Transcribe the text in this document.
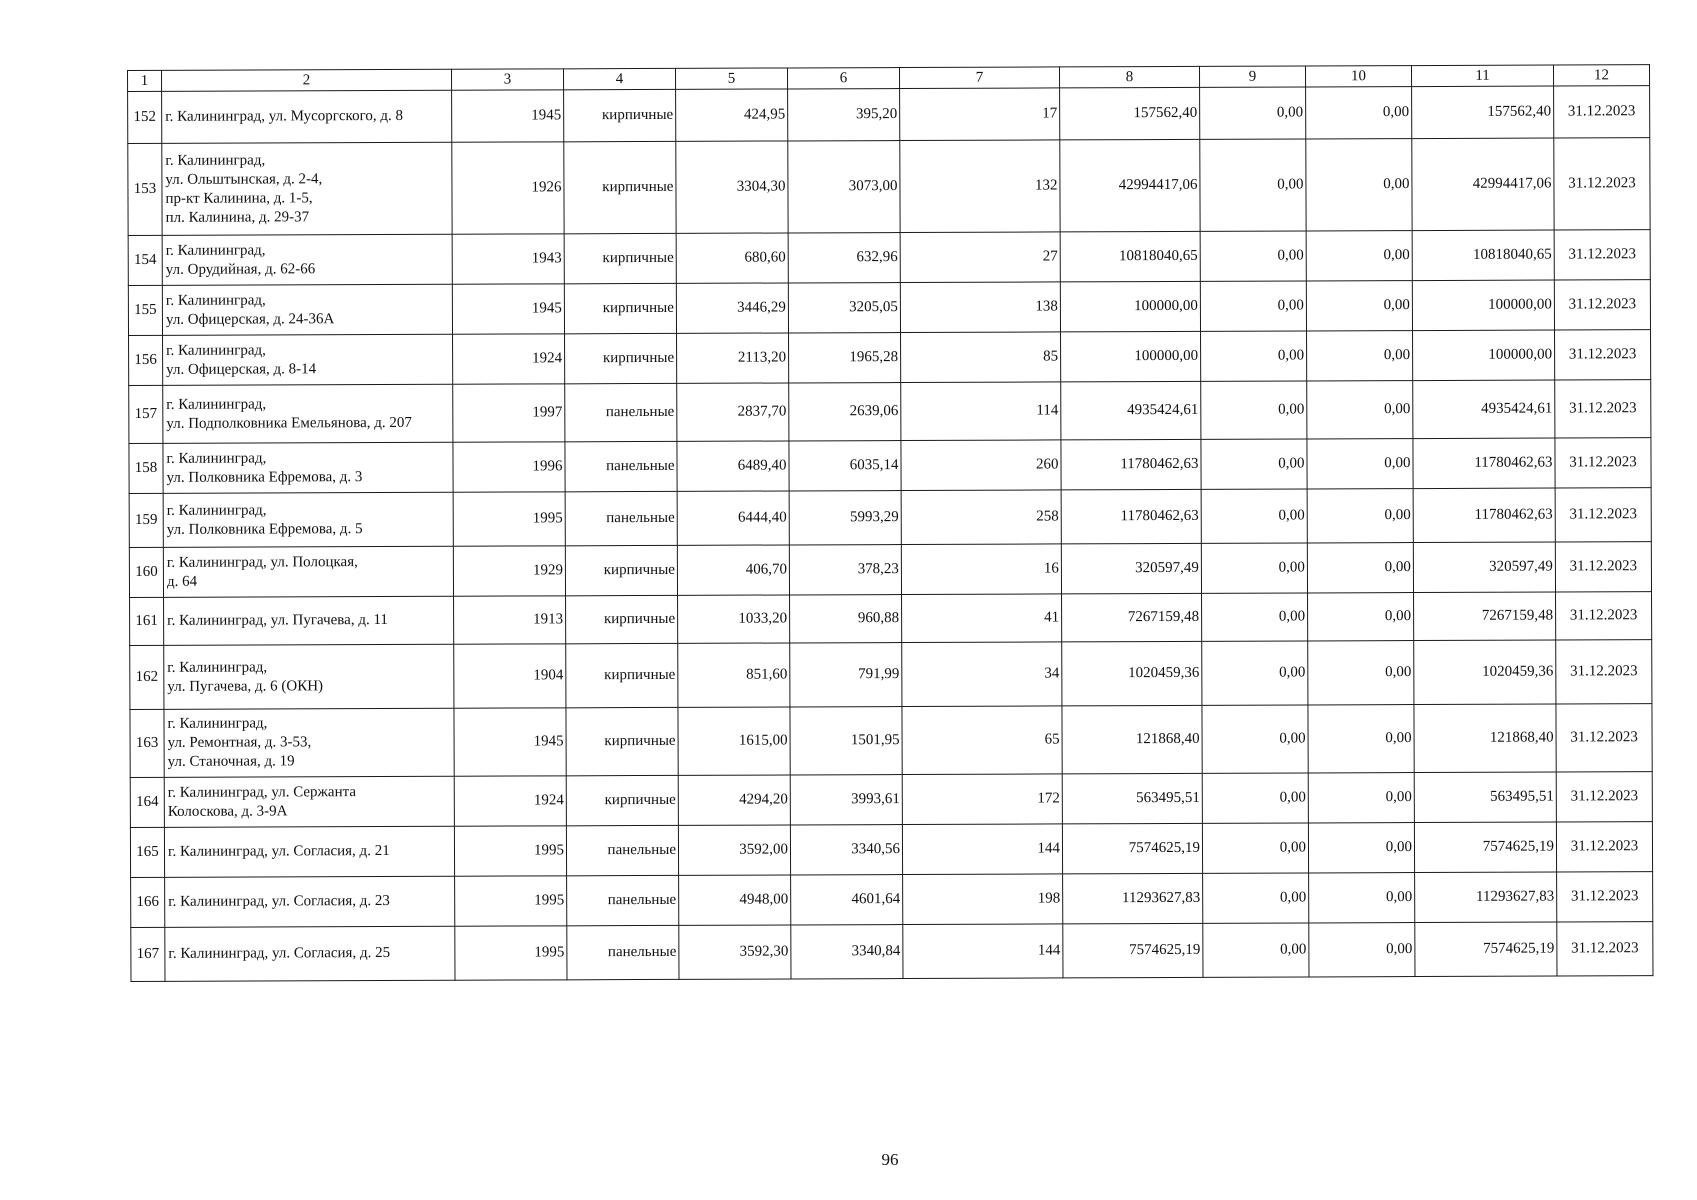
1	2	3	4	5	6	7	8	9	10	11	12
152	г. Калининград, ул. Мусоргского, д. 8	1945	кирпичные	424,95	395,20	17	157562,40	0,00	0,00	157562,40	31.12.2023
153	г. Калининград,
ул. Ольштынская, д. 2-4,
пр-кт Калинина, д. 1-5,
пл. Калинина, д. 29-37	1926	кирпичные	3304,30	3073,00	132	42994417,06	0,00	0,00	42994417,06	31.12.2023
154	г. Калининград,
ул. Орудийная, д. 62-66	1943	кирпичные	680,60	632,96	27	10818040,65	0,00	0,00	10818040,65	31.12.2023
155	г. Калининград,
ул. Офицерская, д. 24-36А	1945	кирпичные	3446,29	3205,05	138	100000,00	0,00	0,00	100000,00	31.12.2023
156	г. Калининград,
ул. Офицерская, д. 8-14	1924	кирпичные	2113,20	1965,28	85	100000,00	0,00	0,00	100000,00	31.12.2023
157	г. Калининград,
ул. Подполковника Емельянова, д. 207	1997	панельные	2837,70	2639,06	114	4935424,61	0,00	0,00	4935424,61	31.12.2023
158	г. Калининград,
ул. Полковника Ефремова, д. 3	1996	панельные	6489,40	6035,14	260	11780462,63	0,00	0,00	11780462,63	31.12.2023
159	г. Калининград,
ул. Полковника Ефремова, д. 5	1995	панельные	6444,40	5993,29	258	11780462,63	0,00	0,00	11780462,63	31.12.2023
160	г. Калининград, ул. Полоцкая,
д. 64	1929	кирпичные	406,70	378,23	16	320597,49	0,00	0,00	320597,49	31.12.2023
161	г. Калининград, ул. Пугачева, д. 11	1913	кирпичные	1033,20	960,88	41	7267159,48	0,00	0,00	7267159,48	31.12.2023
162	г. Калининград,
ул. Пугачева, д. 6 (ОКН)	1904	кирпичные	851,60	791,99	34	1020459,36	0,00	0,00	1020459,36	31.12.2023
163	г. Калининград,
ул. Ремонтная, д. 3-53,
ул. Станочная, д. 19	1945	кирпичные	1615,00	1501,95	65	121868,40	0,00	0,00	121868,40	31.12.2023
164	г. Калининград, ул. Сержанта
Колоскова, д. 3-9А	1924	кирпичные	4294,20	3993,61	172	563495,51	0,00	0,00	563495,51	31.12.2023
165	г. Калининград, ул. Согласия, д. 21	1995	панельные	3592,00	3340,56	144	7574625,19	0,00	0,00	7574625,19	31.12.2023
166	г. Калининград, ул. Согласия, д. 23	1995	панельные	4948,00	4601,64	198	11293627,83	0,00	0,00	11293627,83	31.12.2023
167	г. Калининград, ул. Согласия, д. 25	1995	панельные	3592,30	3340,84	144	7574625,19	0,00	0,00	7574625,19	31.12.2023
96
